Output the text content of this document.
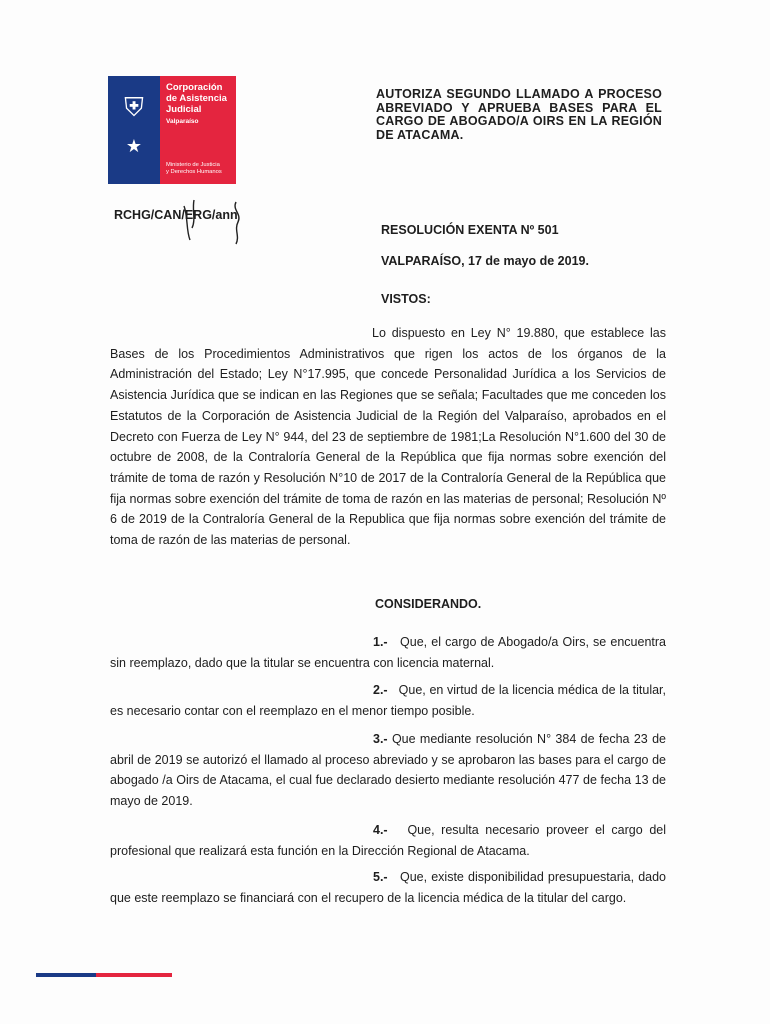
⛨
★
Corporación
de Asistencia
Judicial
Valparaíso
Ministerio de Justicia
y Derechos Humanos
AUTORIZA SEGUNDO LLAMADO A PROCESO ABREVIADO Y APRUEBA BASES PARA EL CARGO DE ABOGADO/A OIRS EN LA REGIÓN DE ATACAMA.
RCHG/CAN/ERG/ann
RESOLUCIÓN EXENTA Nº 501
VALPARAÍSO, 17 de mayo de 2019.
VISTOS:
Lo dispuesto en Ley N° 19.880, que establece las Bases de los Procedimientos Administrativos que rigen los actos de los órganos de la Administración del Estado; Ley N°17.995, que concede Personalidad Jurídica a los Servicios de Asistencia Jurídica que se indican en las Regiones que se señala; Facultades que me conceden los Estatutos de la Corporación de Asistencia Judicial de la Región del Valparaíso, aprobados en el Decreto con Fuerza de Ley N° 944, del 23 de septiembre de 1981;La Resolución N°1.600 del 30 de octubre de 2008, de la Contraloría General de la República que fija normas sobre exención del trámite de toma de razón y Resolución N°10 de 2017 de la Contraloría General de la República que fija normas sobre exención del trámite de toma de razón en las materias de personal; Resolución Nº 6 de 2019 de la Contraloría General de la Republica que fija normas sobre exención del trámite de toma de razón de las materias de personal.
CONSIDERANDO.
1.- Que, el cargo de Abogado/a Oirs, se encuentra sin reemplazo, dado que la titular se encuentra con licencia maternal.
2.- Que, en virtud de la licencia médica de la titular, es necesario contar con el reemplazo en el menor tiempo posible.
3.- Que mediante resolución N° 384 de fecha 23 de abril de 2019 se autorizó el llamado al proceso abreviado y se aprobaron las bases para el cargo de abogado /a Oirs de Atacama, el cual fue declarado desierto mediante resolución 477 de fecha 13 de mayo de 2019.
4.- Que, resulta necesario proveer el cargo del profesional que realizará esta función en la Dirección Regional de Atacama.
5.- Que, existe disponibilidad presupuestaria, dado que este reemplazo se financiará con el recupero de la licencia médica de la titular del cargo.
